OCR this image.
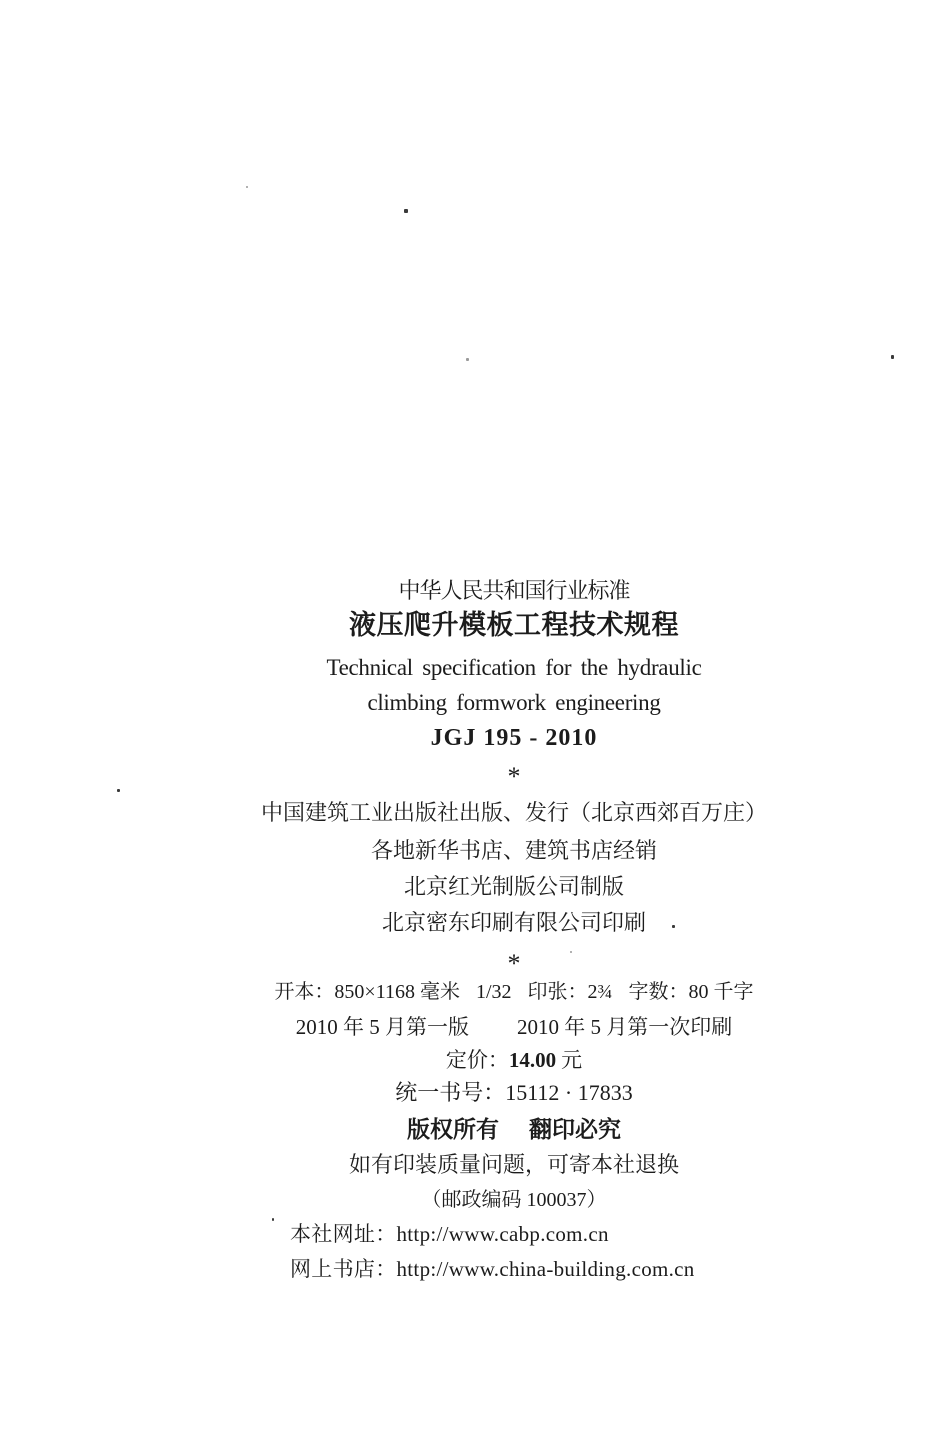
中华人民共和国行业标准
液压爬升模板工程技术规程
Technical specification for the hydraulic
climbing formwork engineering
JGJ 195 - 2010
*
中国建筑工业出版社出版、发行（北京西郊百万庄）
各地新华书店、建筑书店经销
北京红光制版公司制版
北京密东印刷有限公司印刷
*
开本：850×1168 毫米 1/32 印张：2¾ 字数：80 千字
2010 年 5 月第一版 2010 年 5 月第一次印刷
定价：14.00 元
统一书号：15112 · 17833
版权所有 翻印必究
如有印装质量问题，可寄本社退换
（邮政编码 100037）
本社网址：http://www.cabp.com.cn
网上书店：http://www.china-building.com.cn
